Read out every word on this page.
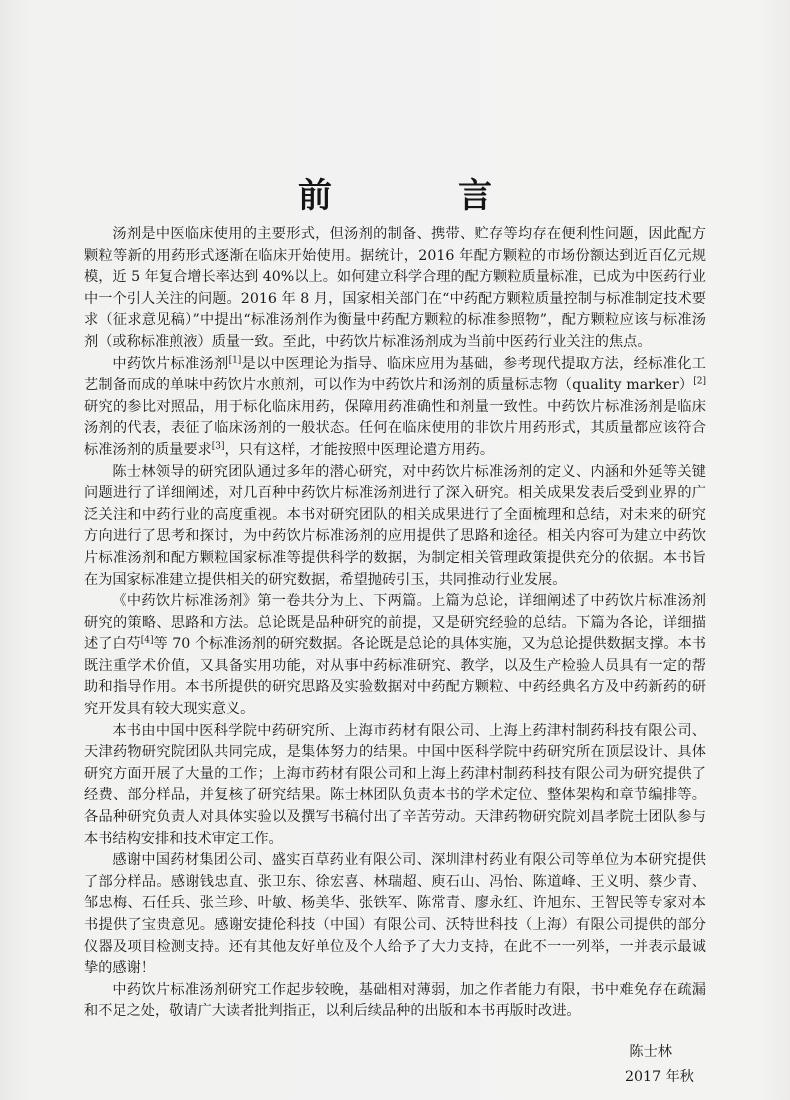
前　言

汤剂是中医临床使用的主要形式，但汤剂的制备、携带、贮存等均存在便利性问题，因此配方颗粒等新的用药形式逐渐在临床开始使用。据统计，2016 年配方颗粒的市场份额达到近百亿元规模，近 5 年复合增长率达到 40%以上。如何建立科学合理的配方颗粒质量标准，已成为中医药行业中一个引人关注的问题。2016 年 8 月，国家相关部门在“中药配方颗粒质量控制与标准制定技术要求（征求意见稿）”中提出“标准汤剂作为衡量中药配方颗粒的标准参照物”，配方颗粒应该与标准汤剂（或称标准煎液）质量一致。至此，中药饮片标准汤剂成为当前中医药行业关注的焦点。

中药饮片标准汤剂[1]是以中医理论为指导、临床应用为基础，参考现代提取方法，经标准化工艺制备而成的单味中药饮片水煎剂，可以作为中药饮片和汤剂的质量标志物（quality marker）[2]研究的参比对照品，用于标化临床用药，保障用药准确性和剂量一致性。中药饮片标准汤剂是临床汤剂的代表，表征了临床汤剂的一般状态。任何在临床使用的非饮片用药形式，其质量都应该符合标准汤剂的质量要求[3]，只有这样，才能按照中医理论遣方用药。

陈士林领导的研究团队通过多年的潜心研究，对中药饮片标准汤剂的定义、内涵和外延等关键问题进行了详细阐述，对几百种中药饮片标准汤剂进行了深入研究。相关成果发表后受到业界的广泛关注和中药行业的高度重视。本书对研究团队的相关成果进行了全面梳理和总结，对未来的研究方向进行了思考和探讨，为中药饮片标准汤剂的应用提供了思路和途径。相关内容可为建立中药饮片标准汤剂和配方颗粒国家标准等提供科学的数据，为制定相关管理政策提供充分的依据。本书旨在为国家标准建立提供相关的研究数据，希望抛砖引玉，共同推动行业发展。

《中药饮片标准汤剂》第一卷共分为上、下两篇。上篇为总论，详细阐述了中药饮片标准汤剂研究的策略、思路和方法。总论既是品种研究的前提，又是研究经验的总结。下篇为各论，详细描述了白芍[4]等 70 个标准汤剂的研究数据。各论既是总论的具体实施，又为总论提供数据支撑。本书既注重学术价值，又具备实用功能，对从事中药标准研究、教学，以及生产检验人员具有一定的帮助和指导作用。本书所提供的研究思路及实验数据对中药配方颗粒、中药经典名方及中药新药的研究开发具有较大现实意义。

本书由中国中医科学院中药研究所、上海市药材有限公司、上海上药津村制药科技有限公司、天津药物研究院团队共同完成，是集体努力的结果。中国中医科学院中药研究所在顶层设计、具体研究方面开展了大量的工作；上海市药材有限公司和上海上药津村制药科技有限公司为研究提供了经费、部分样品，并复核了研究结果。陈士林团队负责本书的学术定位、整体架构和章节编排等。各品种研究负责人对具体实验以及撰写书稿付出了辛苦劳动。天津药物研究院刘昌孝院士团队参与本书结构安排和技术审定工作。

感谢中国药材集团公司、盛实百草药业有限公司、深圳津村药业有限公司等单位为本研究提供了部分样品。感谢钱忠直、张卫东、徐宏喜、林瑞超、庾石山、冯怡、陈道峰、王义明、蔡少青、邹忠梅、石任兵、张兰珍、叶敏、杨美华、张铁军、陈常青、廖永红、许旭东、王智民等专家对本书提供了宝贵意见。感谢安捷伦科技（中国）有限公司、沃特世科技（上海）有限公司提供的部分仪器及项目检测支持。还有其他友好单位及个人给予了大力支持，在此不一一列举，一并表示最诚挚的感谢！

中药饮片标准汤剂研究工作起步较晚，基础相对薄弱，加之作者能力有限，书中难免存在疏漏和不足之处，敬请广大读者批判指正，以利后续品种的出版和本书再版时改进。

陈士林
2017 年秋
